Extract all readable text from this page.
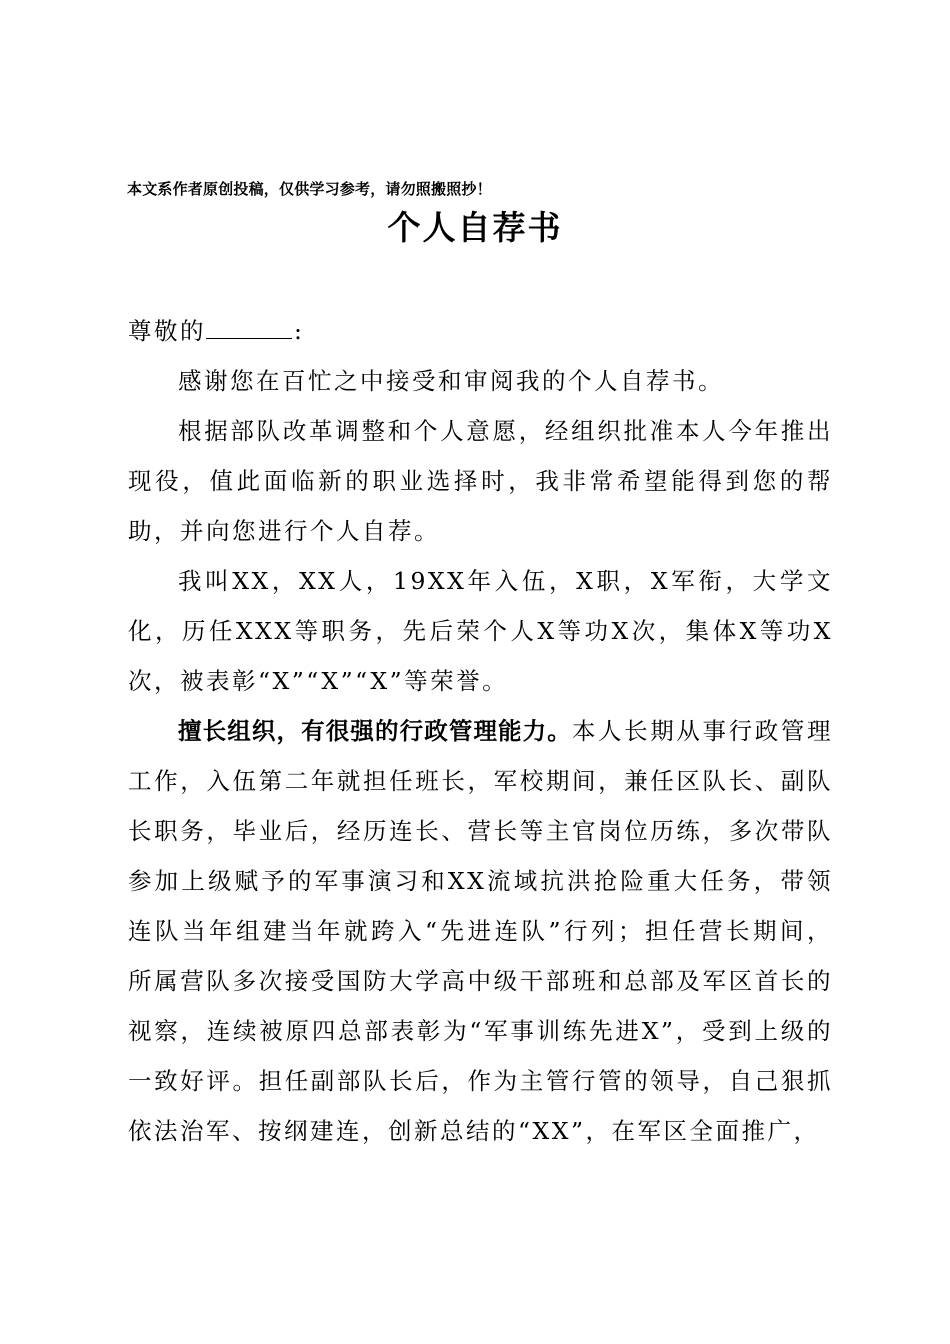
本文系作者原创投稿，仅供学习参考，请勿照搬照抄！
个人自荐书

尊敬的	:

感谢您在百忙之中接受和审阅我的个人自荐书。

根据部队改革调整和个人意愿，经组织批准本人今年推出现役，值此面临新的职业选择时，我非常希望能得到您的帮助，并向您进行个人自荐。

我叫XX，XX人，19XX年入伍，X职，X军衔，大学文化，历任XXX等职务，先后荣个人X等功X次，集体X等功X次，被表彰“X”“X”“X”等荣誉。

擅长组织，有很强的行政管理能力。本人长期从事行政管理工作，入伍第二年就担任班长，军校期间，兼任区队长、副队长职务，毕业后，经历连长、营长等主官岗位历练，多次带队参加上级赋予的军事演习和XX流域抗洪抢险重大任务，带领连队当年组建当年就跨入“先进连队”行列；担任营长期间，所属营队多次接受国防大学高中级干部班和总部及军区首长的视察，连续被原四总部表彰为“军事训练先进X”，受到上级的一致好评。担任副部队长后，作为主管行管的领导，自己狠抓依法治军、按纲建连，创新总结的“XX”，在军区全面推广，
